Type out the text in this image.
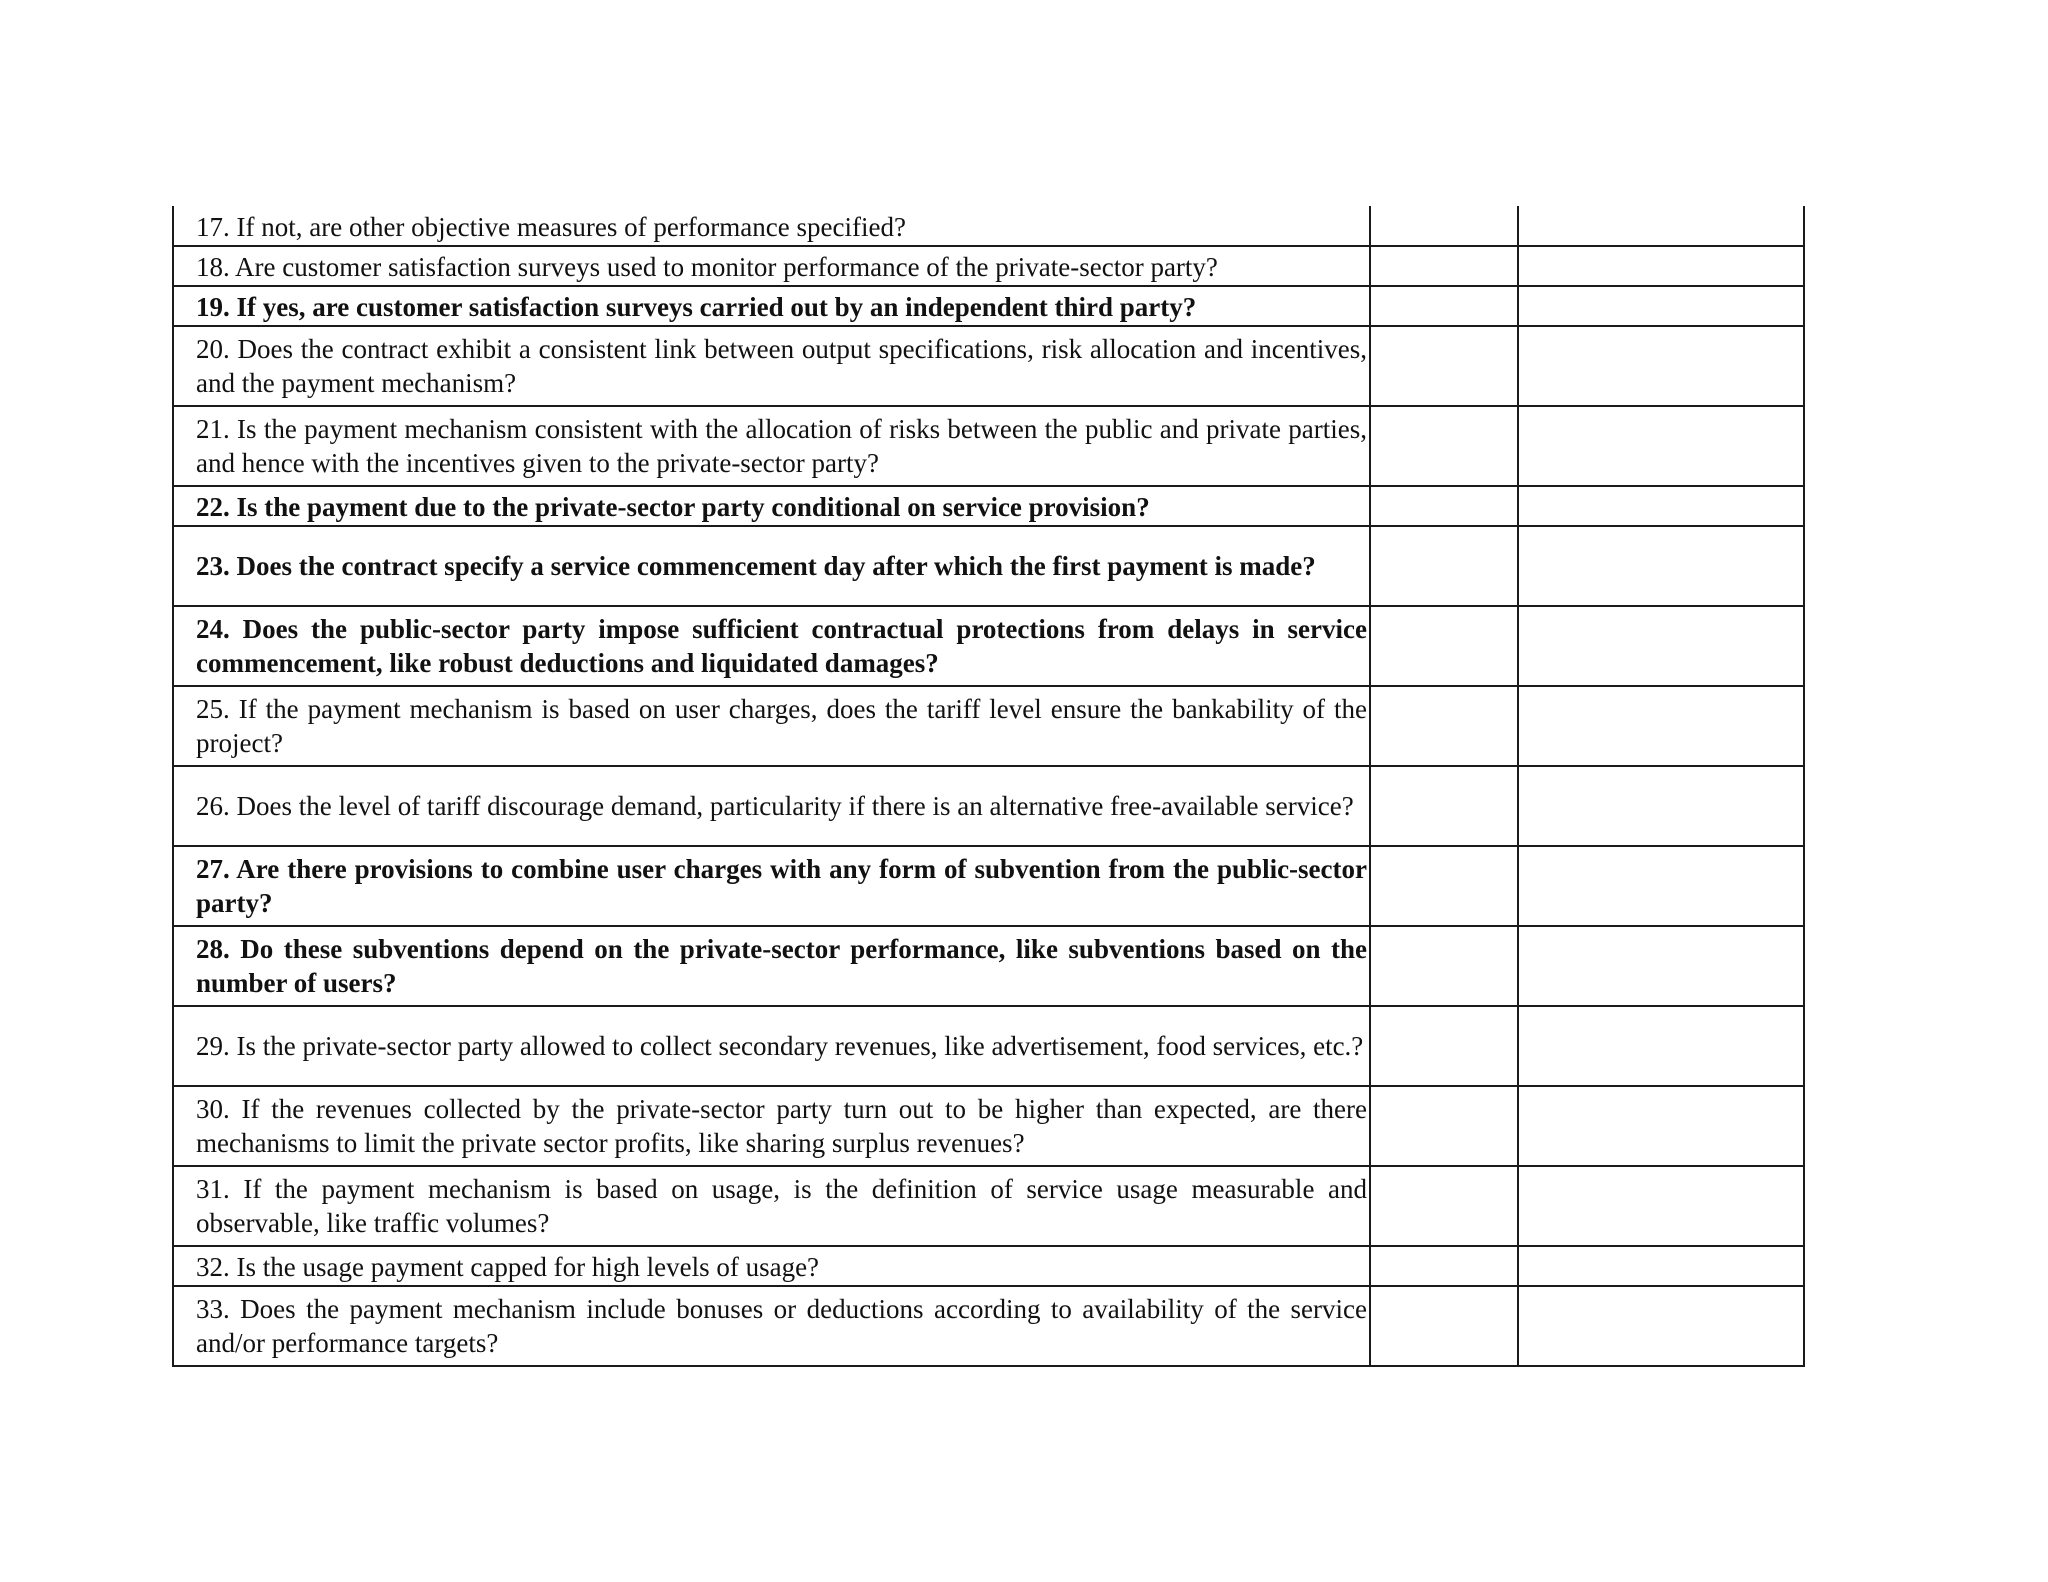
17. If not, are other objective measures of performance specified?		
18. Are customer satisfaction surveys used to monitor performance of the private-sector party?		
19. If yes, are customer satisfaction surveys carried out by an independent third party?		
20. Does the contract exhibit a consistent link between output specifications, risk allocation and incentives, and the payment mechanism?		
21. Is the payment mechanism consistent with the allocation of risks between the public and private parties, and hence with the incentives given to the private-sector party?		
22. Is the payment due to the private-sector party conditional on service provision?		
23. Does the contract specify a service commencement day after which the first payment is made?		
24. Does the public-sector party impose sufficient contractual protections from delays in service commencement, like robust deductions and liquidated damages?		
25. If the payment mechanism is based on user charges, does the tariff level ensure the bankability of the project?		
26. Does the level of tariff discourage demand, particularity if there is an alternative free-available service?		
27. Are there provisions to combine user charges with any form of subvention from the public-sector party?		
28. Do these subventions depend on the private-sector performance, like subventions based on the number of users?		
29. Is the private-sector party allowed to collect secondary revenues, like advertisement, food services, etc.?		
30. If the revenues collected by the private-sector party turn out to be higher than expected, are there mechanisms to limit the private sector profits, like sharing surplus revenues?		
31. If the payment mechanism is based on usage, is the definition of service usage measurable and observable, like traffic volumes?		
32. Is the usage payment capped for high levels of usage?		
33. Does the payment mechanism include bonuses or deductions according to availability of the service and/or performance targets?		
